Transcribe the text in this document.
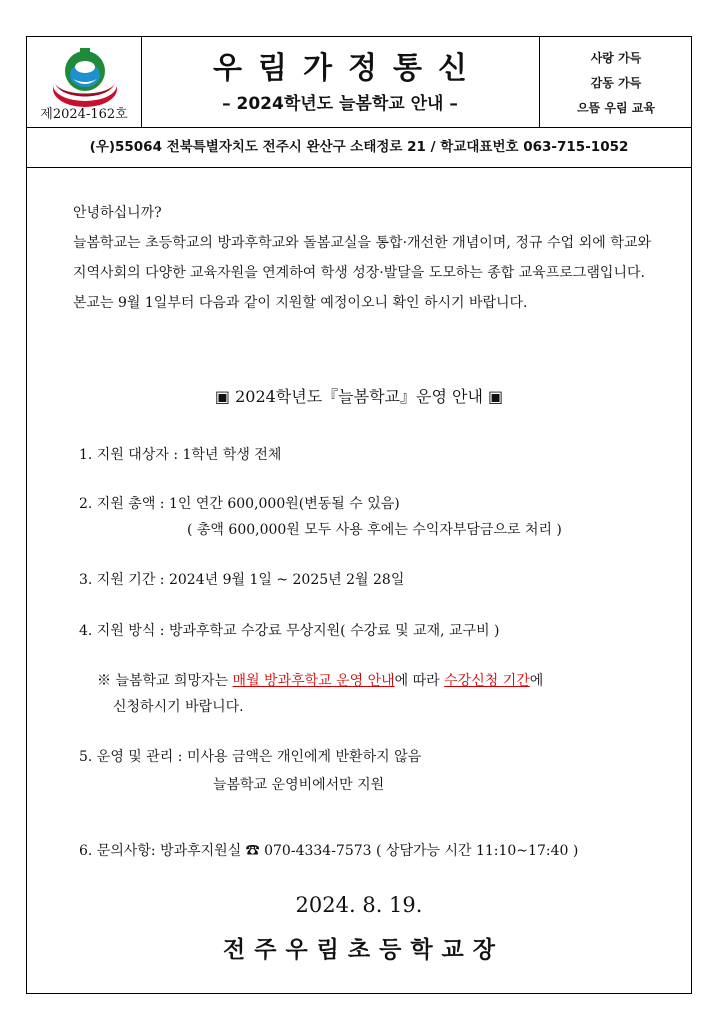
제2024-162호
우림가정통신
– 2024학년도 늘봄학교 안내 –
사랑 가득
감동 가득
으뜸 우림 교육
(우)55064 전북특별자치도 전주시 완산구 소태정로 21 / 학교대표번호 063-715-1052

안녕하십니까?

늘봄학교는 초등학교의 방과후학교와 돌봄교실을 통합·개선한 개념이며, 정규 수업 외에 학교와 지역사회의 다양한 교육자원을 연계하여 학생 성장·발달을 도모하는 종합 교육프로그램입니다.

본교는 9월 1일부터 다음과 같이 지원할 예정이오니 확인 하시기 바랍니다.

▣ 2024학년도『늘봄학교』운영 안내 ▣
1. 지원 대상자 : 1학년 학생 전체
2. 지원 총액 : 1인 연간 600,000원(변동될 수 있음)
( 총액 600,000원 모두 사용 후에는 수익자부담금으로 처리 )
3. 지원 기간 : 2024년 9월 1일 ~ 2025년 2월 28일
4. 지원 방식 : 방과후학교 수강료 무상지원( 수강료 및 교재, 교구비 )
※ 늘봄학교 희망자는 매월 방과후학교 운영 안내에 따라 수강신청 기간에
신청하시기 바랍니다.
5. 운영 및 관리 : 미사용 금액은 개인에게 반환하지 않음
늘봄학교 운영비에서만 지원
6. 문의사항: 방과후지원실 ☎ 070-4334-7573 ( 상담가능 시간 11:10~17:40 )
2024. 8. 19.
전주우림초등학교장
